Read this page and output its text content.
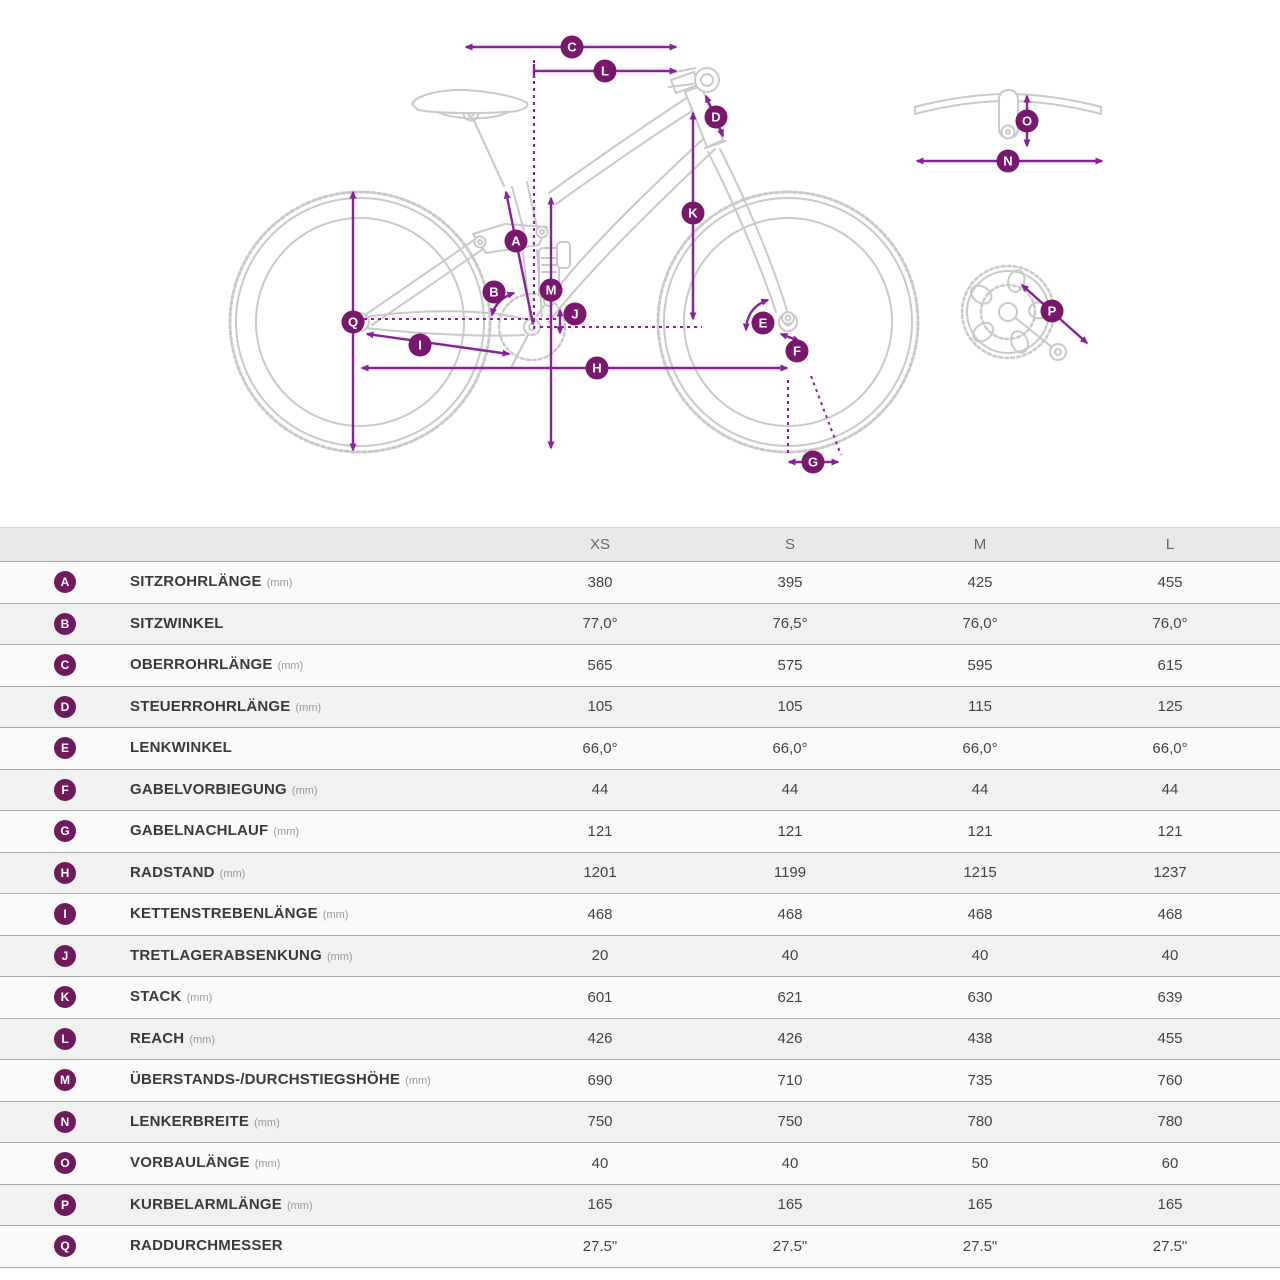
C
L
D
K
A
B	M
J
Q
I
H
E
F
G
O
N
P
XS	S	M	L
A	SITZROHRLÄNGE (mm)	380	395	425	455
B	SITZWINKEL	77,0°	76,5°	76,0°	76,0°
C	OBERROHRLÄNGE (mm)	565	575	595	615
D	STEUERROHRLÄNGE (mm)	105	105	115	125
E	LENKWINKEL	66,0°	66,0°	66,0°	66,0°
F	GABELVORBIEGUNG (mm)	44	44	44	44
G	GABELNACHLAUF (mm)	121	121	121	121
H	RADSTAND (mm)	1201	1199	1215	1237
I	KETTENSTREBENLÄNGE (mm)	468	468	468	468
J	TRETLAGERABSENKUNG (mm)	20	40	40	40
K	STACK (mm)	601	621	630	639
L	REACH (mm)	426	426	438	455
M	ÜBERSTANDS-/DURCHSTIEGSHÖHE (mm)	690	710	735	760
N	LENKERBREITE (mm)	750	750	780	780
O	VORBAULÄNGE (mm)	40	40	50	60
P	KURBELARMLÄNGE (mm)	165	165	165	165
Q	RADDURCHMESSER	27.5"	27.5"	27.5"	27.5"
